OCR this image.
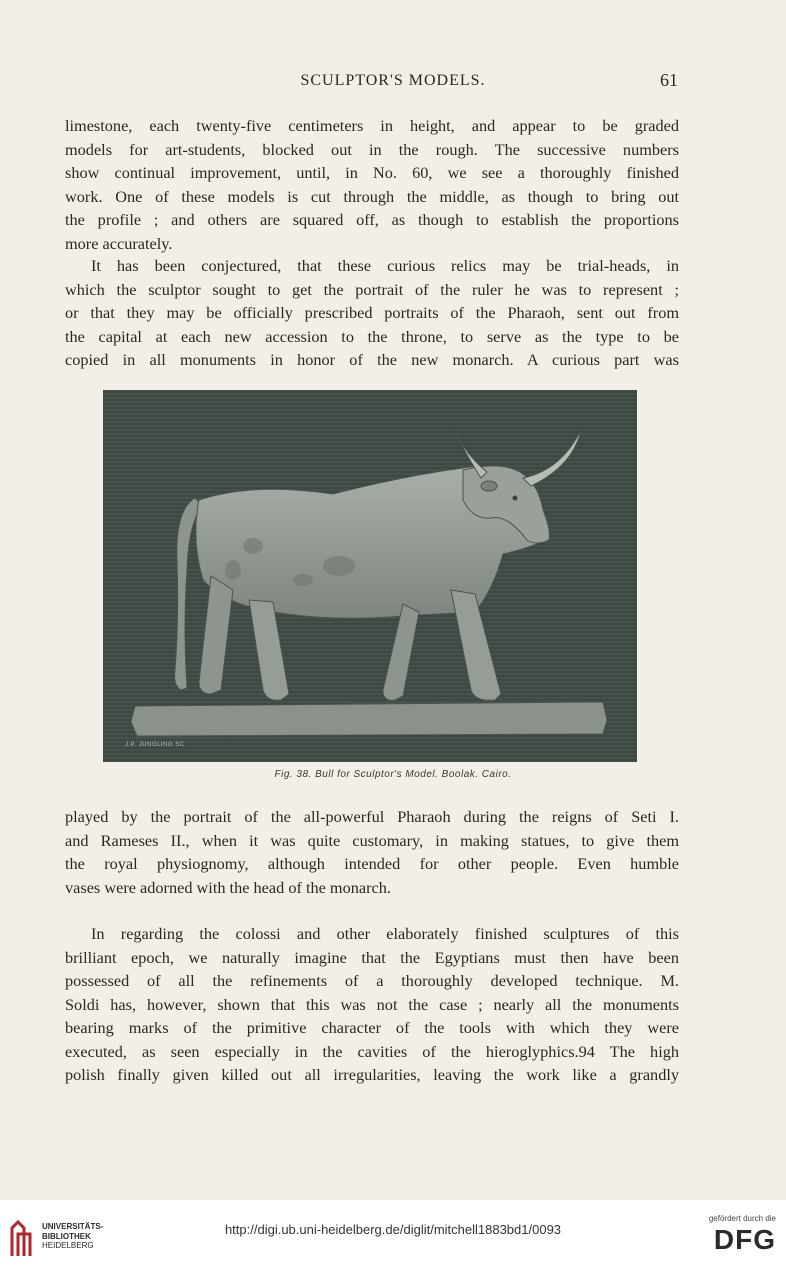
SCULPTOR'S MODELS.	61
limestone, each twenty-five centimeters in height, and appear to be graded
models for art-students, blocked out in the rough. The successive numbers
show continual improvement, until, in No. 60, we see a thoroughly finished
work. One of these models is cut through the middle, as though to bring out
the profile ; and others are squared off, as though to establish the proportions
more accurately.
It has been conjectured, that these curious relics may be trial-heads, in
which the sculptor sought to get the portrait of the ruler he was to represent ;
or that they may be officially prescribed portraits of the Pharaoh, sent out from
the capital at each new accession to the throne, to serve as the type to be
copied in all monuments in honor of the new monarch. A curious part was
J.P. JUNGLING SC.
Fig. 38. Bull for Sculptor's Model. Boolak. Cairo.
played by the portrait of the all-powerful Pharaoh during the reigns of Seti I.
and Rameses II., when it was quite customary, in making statues, to give them
the royal physiognomy, although intended for other people. Even humble
vases were adorned with the head of the monarch.
In regarding the colossi and other elaborately finished sculptures of this
brilliant epoch, we naturally imagine that the Egyptians must then have been
possessed of all the refinements of a thoroughly developed technique. M.
Soldi has, however, shown that this was not the case ; nearly all the monuments
bearing marks of the primitive character of the tools with which they were
executed, as seen especially in the cavities of the hieroglyphics.94 The high
polish finally given killed out all irregularities, leaving the work like a grandly
UNIVERSITÄTS-
BIBLIOTHEK
HEIDELBERG
http://digi.ub.uni-heidelberg.de/diglit/mitchell1883bd1/0093
gefördert durch die
DFG
